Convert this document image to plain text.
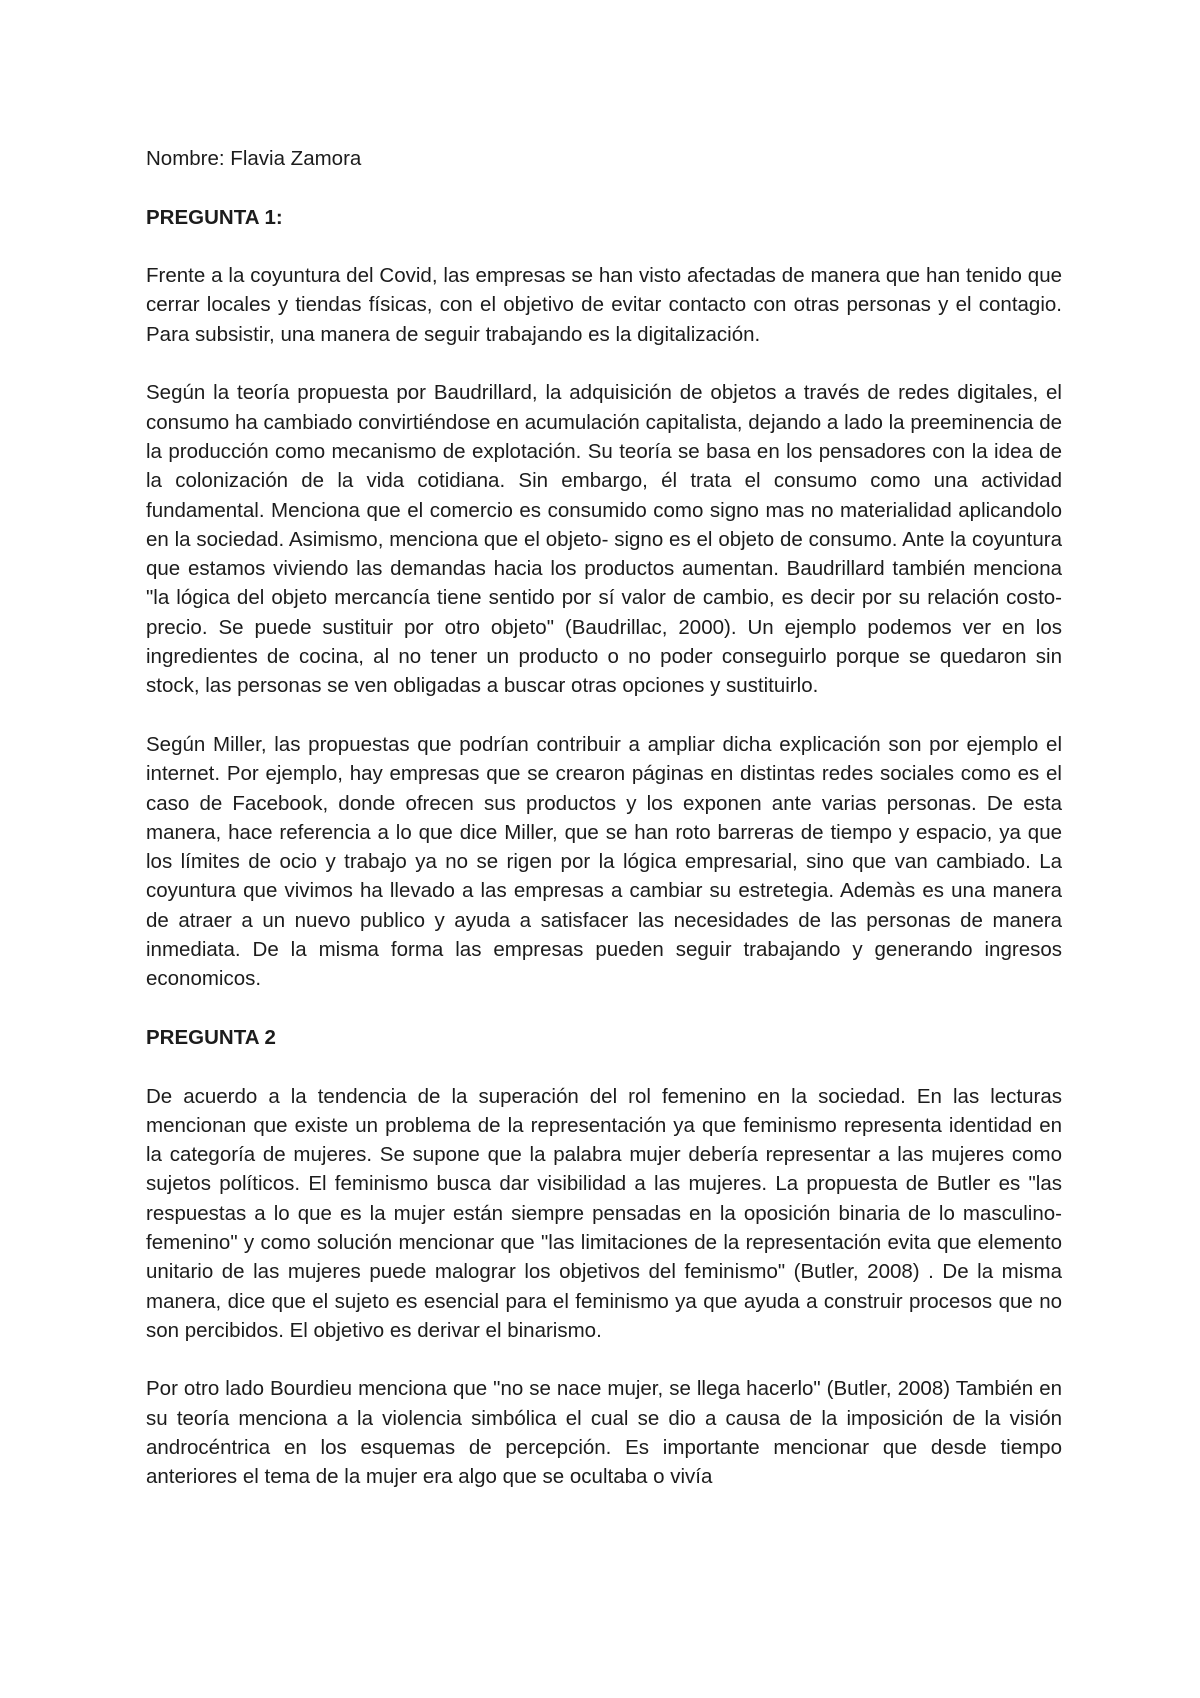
Nombre: Flavia Zamora

PREGUNTA 1:

Frente a la coyuntura del Covid, las empresas se han visto afectadas de manera que han tenido que cerrar locales y tiendas físicas, con el objetivo de evitar contacto con otras personas y el contagio. Para subsistir, una manera de seguir trabajando es la digitalización.

Según la teoría propuesta por Baudrillard, la adquisición de objetos a través de redes digitales, el consumo ha cambiado convirtiéndose en acumulación capitalista, dejando a lado la preeminencia de la producción como mecanismo de explotación. Su teoría se basa en los pensadores con la idea de la colonización de la vida cotidiana. Sin embargo, él trata el consumo como una actividad fundamental. Menciona que el comercio es consumido como signo mas no materialidad aplicandolo en la sociedad. Asimismo, menciona que el objeto- signo es el objeto de consumo. Ante la coyuntura que estamos viviendo las demandas hacia los productos aumentan. Baudrillard también menciona "la lógica del objeto mercancía tiene sentido por sí valor de cambio, es decir por su relación costo-precio. Se puede sustituir por otro objeto" (Baudrillac, 2000). Un ejemplo podemos ver en los ingredientes de cocina, al no tener un producto o no poder conseguirlo porque se quedaron sin stock, las personas se ven obligadas a buscar otras opciones y sustituirlo.

Según Miller, las propuestas que podrían contribuir a ampliar dicha explicación son por ejemplo el internet. Por ejemplo, hay empresas que se crearon páginas en distintas redes sociales como es el caso de Facebook, donde ofrecen sus productos y los exponen ante varias personas. De esta manera, hace referencia a lo que dice Miller, que se han roto barreras de tiempo y espacio, ya que los límites de ocio y trabajo ya no se rigen por la lógica empresarial, sino que van cambiado. La coyuntura que vivimos ha llevado a las empresas a cambiar su estretegia. Ademàs es una manera de atraer a un nuevo publico y ayuda a satisfacer las necesidades de las personas de manera inmediata. De la misma forma las empresas pueden seguir trabajando y generando ingresos economicos.

PREGUNTA 2

De acuerdo a la tendencia de la superación del rol femenino en la sociedad. En las lecturas mencionan que existe un problema de la representación ya que feminismo representa identidad en la categoría de mujeres. Se supone que la palabra mujer debería representar a las mujeres como sujetos políticos. El feminismo busca dar visibilidad a las mujeres. La propuesta de Butler es "las respuestas a lo que es la mujer están siempre pensadas en la oposición binaria de lo masculino- femenino" y como solución mencionar que "las limitaciones de la representación evita que elemento unitario de las mujeres puede malograr los objetivos del feminismo" (Butler, 2008) . De la misma manera, dice que el sujeto es esencial para el feminismo ya que ayuda a construir procesos que no son percibidos. El objetivo es derivar el binarismo.

Por otro lado Bourdieu menciona que "no se nace mujer, se llega hacerlo" (Butler, 2008) También en su teoría menciona a la violencia simbólica el cual se dio a causa de la imposición de la visión androcéntrica en los esquemas de percepción. Es importante mencionar que desde tiempo anteriores el tema de la mujer era algo que se ocultaba o vivía
